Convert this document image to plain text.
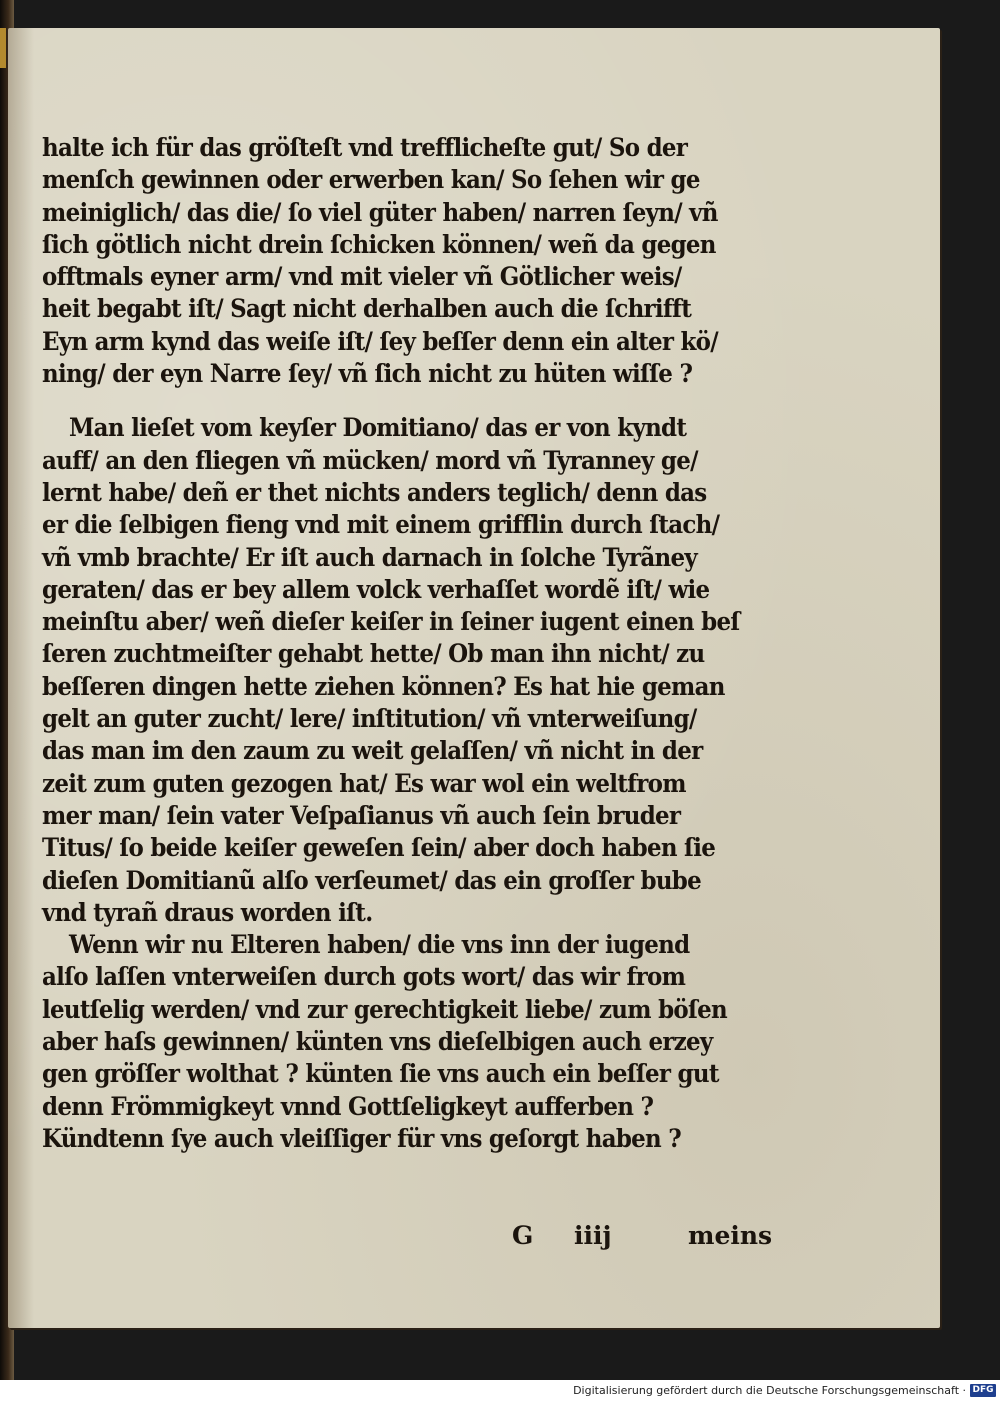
halte ich für das gröſteſt vnd trefflicheſte gut/ So der
menſch gewinnen oder erwerben kan/ So ſehen wir ge
meiniglich/ das die/ ſo viel güter haben/ narren ſeyn/ vñ
ſich götlich nicht drein ſchicken können/ weñ da gegen
offtmals eyner arm/ vnd mit vieler vñ Götlicher weis/
heit begabt iſt/ Sagt nicht derhalben auch die ſchrifft
Eyn arm kynd das weiſe iſt/ ſey beſſer denn ein alter kö/
ning/ der eyn Narre ſey/ vñ ſich nicht zu hüten wiſſe ?
Man lieſet vom keyſer Domitiano/ das er von kyndt
auff/ an den fliegen vñ mücken/ mord vñ Tyranney ge/
lernt habe/ deñ er thet nichts anders teglich/ denn das
er die ſelbigen fieng vnd mit einem grifflin durch ſtach/
vñ vmb brachte/ Er iſt auch darnach in ſolche Tyrãney
geraten/ das er bey allem volck verhaſſet wordẽ iſt/ wie
meinſtu aber/ weñ dieſer keiſer in ſeiner iugent einen beſ
ſeren zuchtmeiſter gehabt hette/ Ob man ihn nicht/ zu
beſſeren dingen hette ziehen können? Es hat hie geman
gelt an guter zucht/ lere/ inſtitution/ vñ vnterweiſung/
das man im den zaum zu weit gelaſſen/ vñ nicht in der
zeit zum guten gezogen hat/ Es war wol ein weltfrom
mer man/ ſein vater Veſpaſianus vñ auch ſein bruder
Titus/ ſo beide keiſer geweſen ſein/ aber doch haben ſie
dieſen Domitianũ alſo verſeumet/ das ein groſſer bube
vnd tyrañ draus worden iſt.
Wenn wir nu Elteren haben/ die vns inn der iugend
alſo laſſen vnterweiſen durch gots wort/ das wir from
leutſelig werden/ vnd zur gerechtigkeit liebe/ zum böſen
aber haſs gewinnen/ künten vns dieſelbigen auch erzey
gen gröſſer wolthat ? künten ſie vns auch ein beſſer gut
denn Frömmigkeyt vnnd Gottſeligkeyt aufferben ?
Kündtenn ſye auch vleiſſiger für vns geſorgt haben ?
G iiij	meins
Digitalisierung gefördert durch die Deutsche Forschungsgemeinschaft · DFG
